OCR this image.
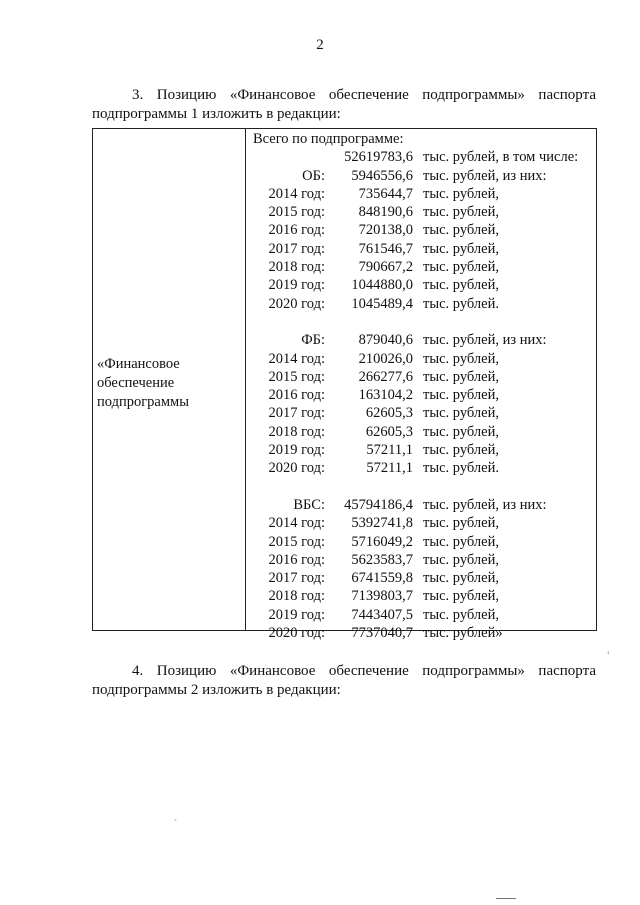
2
3. Позицию «Финансовое обеспечение подпрограммы» паспорта
подпрограммы 1 изложить в редакции:
«Финансовое обеспечение подпрограммы
Всего по подпрограмме:
52619783,6 тыс. рублей, в том числе:
ОБ: 5946556,6 тыс. рублей, из них:
2014 год: 735644,7 тыс. рублей,
2015 год: 848190,6 тыс. рублей,
2016 год: 720138,0 тыс. рублей,
2017 год: 761546,7 тыс. рублей,
2018 год: 790667,2 тыс. рублей,
2019 год: 1044880,0 тыс. рублей,
2020 год: 1045489,4 тыс. рублей.
ФБ: 879040,6 тыс. рублей, из них:
2014 год: 210026,0 тыс. рублей,
2015 год: 266277,6 тыс. рублей,
2016 год: 163104,2 тыс. рублей,
2017 год:	62605,3 тыс. рублей,
2018 год:	62605,3 тыс. рублей,
2019 год:	57211,1 тыс. рублей,
2020 год:	57211,1 тыс. рублей.
ВБС: 45794186,4 тыс. рублей, из них:
2014 год: 5392741,8 тыс. рублей,
2015 год: 5716049,2 тыс. рублей,
2016 год: 5623583,7 тыс. рублей,
2017 год: 6741559,8 тыс. рублей,
2018 год: 7139803,7 тыс. рублей,
2019 год: 7443407,5 тыс. рублей,
2020 год: 7737040,7 тыс. рублей»
4. Позицию «Финансовое обеспечение подпрограммы» паспорта
подпрограммы 2 изложить в редакции:
‹
˜
